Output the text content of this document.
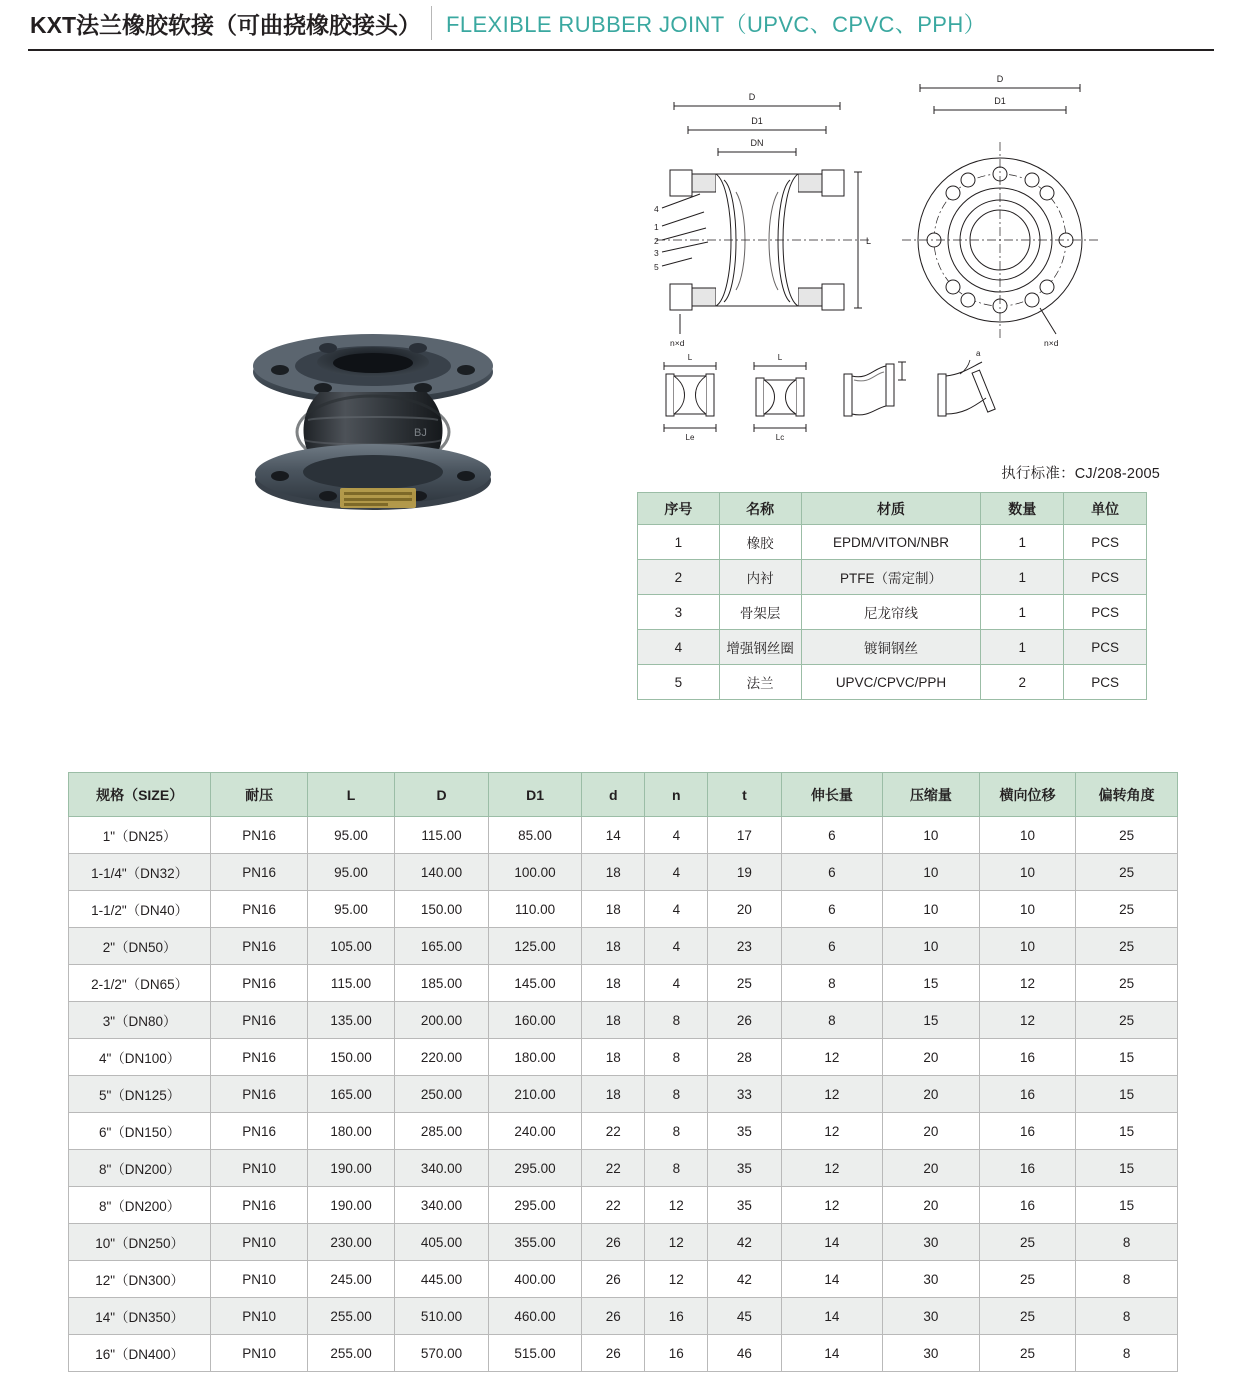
KXT法兰橡胶软接（可曲挠橡胶接头） FLEXIBLE RUBBER JOINT（UPVC、CPVC、PPH）
BJ
D
D1
DN
4
1
2
3
5
L
n×d
D
D1
n×d
L
Le
L
Lc
a
执行标准：CJ/208-2005
序号	名称	材质	数量	单位
1	橡胶	EPDM/VITON/NBR	1	PCS
2	内衬	PTFE（需定制）	1	PCS
3	骨架层	尼龙帘线	1	PCS
4	增强钢丝圈	镀铜钢丝	1	PCS
5	法兰	UPVC/CPVC/PPH	2	PCS
规格（SIZE）	耐压	L	D	D1	d	n	t	伸长量	压缩量	横向位移	偏转角度
1"（DN25）	PN16	95.00	115.00	85.00	14	4	17	6	10	10	25
1-1/4"（DN32）	PN16	95.00	140.00	100.00	18	4	19	6	10	10	25
1-1/2"（DN40）	PN16	95.00	150.00	110.00	18	4	20	6	10	10	25
2"（DN50）	PN16	105.00	165.00	125.00	18	4	23	6	10	10	25
2-1/2"（DN65）	PN16	115.00	185.00	145.00	18	4	25	8	15	12	25
3"（DN80）	PN16	135.00	200.00	160.00	18	8	26	8	15	12	25
4"（DN100）	PN16	150.00	220.00	180.00	18	8	28	12	20	16	15
5"（DN125）	PN16	165.00	250.00	210.00	18	8	33	12	20	16	15
6"（DN150）	PN16	180.00	285.00	240.00	22	8	35	12	20	16	15
8"（DN200）	PN10	190.00	340.00	295.00	22	8	35	12	20	16	15
8"（DN200）	PN16	190.00	340.00	295.00	22	12	35	12	20	16	15
10"（DN250）	PN10	230.00	405.00	355.00	26	12	42	14	30	25	8
12"（DN300）	PN10	245.00	445.00	400.00	26	12	42	14	30	25	8
14"（DN350）	PN10	255.00	510.00	460.00	26	16	45	14	30	25	8
16"（DN400）	PN10	255.00	570.00	515.00	26	16	46	14	30	25	8
